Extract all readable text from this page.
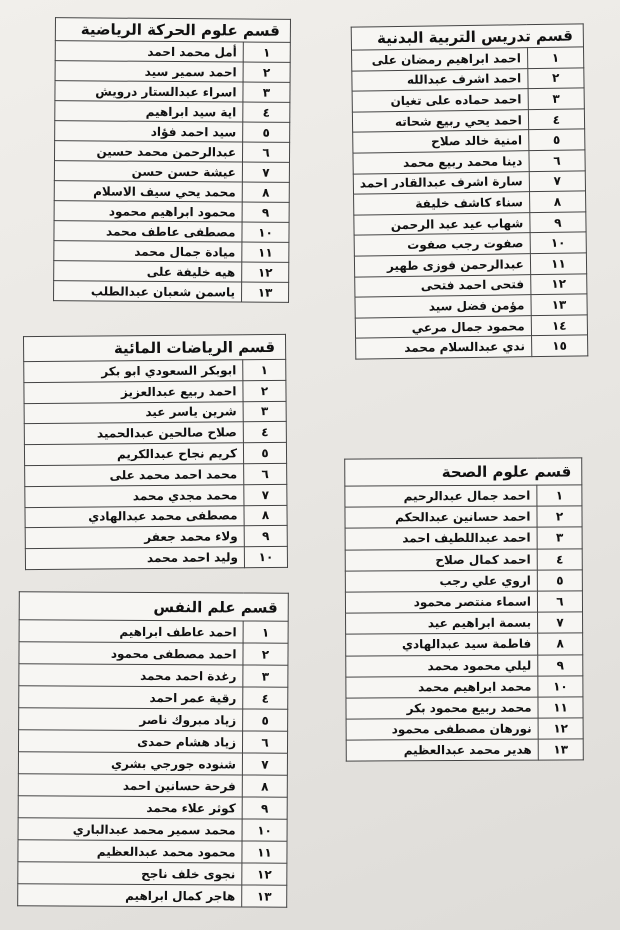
قسم علوم الحركة الرياضية	
١	أمل محمد احمد
٢	احمد سمير سيد
٣	اسراء عبدالستار درويش
٤	اية سيد ابراهيم
٥	سيد احمد فؤاد
٦	عبدالرحمن محمد حسين
٧	عيشة حسن حسن
٨	محمد يحي سيف الاسلام
٩	محمود ابراهيم محمود
١٠	مصطفى عاطف محمد
١١	ميادة جمال محمد
١٢	هيه خليفة على
١٣	ياسمن شعبان عبدالطلب
قسم تدريس التربية البدنية	
١	احمد ابراهيم رمضان على
٢	احمد اشرف عبدالله
٣	احمد حماده على تغيان
٤	احمد يحي ربيع شحاته
٥	امنية خالد صلاح
٦	دينا محمد ربيع محمد
٧	سارة اشرف عبدالقادر احمد
٨	سناء كاشف خليفة
٩	شهاب عيد عبد الرحمن
١٠	صفوت رجب صفوت
١١	عبدالرحمن فوزى طهير
١٢	فتحى احمد فتحى
١٣	مؤمن فضل سيد
١٤	محمود جمال مرعي
١٥	ندي عبدالسلام محمد
قسم الرياضات المائية	
١	ابوبكر السعودي ابو بكر
٢	احمد ربيع عبدالعزيز
٣	شرين ياسر عيد
٤	صلاح صالحين عبدالحميد
٥	كريم نجاح عبدالكريم
٦	محمد احمد محمد على
٧	محمد مجدي محمد
٨	مصطفى محمد عبدالهادي
٩	ولاء محمد جعفر
١٠	وليد احمد محمد
قسم علوم الصحة	
١	احمد جمال عبدالرحيم
٢	احمد حسانين عبدالحكم
٣	احمد عبداللطيف احمد
٤	احمد كمال صلاح
٥	اروي علي رجب
٦	اسماء منتصر محمود
٧	بسمة ابراهيم عيد
٨	فاطمة سيد عبدالهادي
٩	ليلي محمود محمد
١٠	محمد ابراهيم محمد
١١	محمد ربيع محمود بكر
١٢	نورهان مصطفى محمود
١٣	هدير محمد عبدالعظيم
قسم علم النفس	
١	احمد عاطف ابراهيم
٢	احمد مصطفى محمود
٣	رغدة احمد محمد
٤	رقية عمر احمد
٥	زياد مبروك ناصر
٦	زياد هشام حمدى
٧	شنوده جورجي بشري
٨	فرحة حسانين احمد
٩	كوثر علاء محمد
١٠	محمد سمير محمد عبدالباري
١١	محمود محمد عبدالعظيم
١٢	نجوى خلف ناجح
١٣	هاجر كمال ابراهيم
